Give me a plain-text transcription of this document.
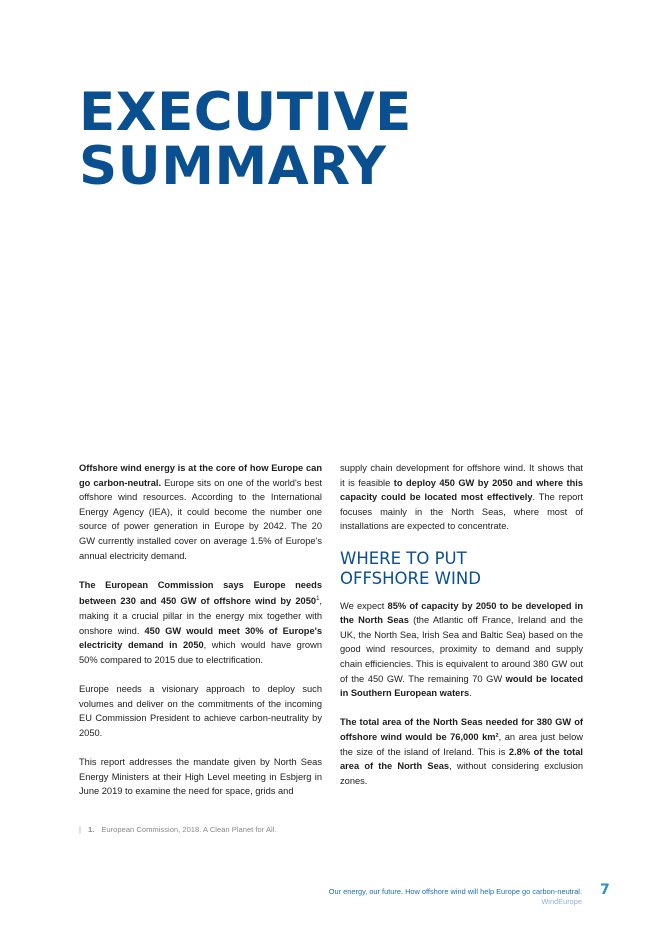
EXECUTIVE
SUMMARY

Offshore wind energy is at the core of how Europe can go carbon-neutral. Europe sits on one of the world's best offshore wind resources. According to the International Energy Agency (IEA), it could become the number one source of power generation in Europe by 2042. The 20 GW currently installed cover on average 1.5% of Europe's annual electricity demand.

The European Commission says Europe needs between 230 and 450 GW of offshore wind by 2050$^1$, making it a crucial pillar in the energy mix together with onshore wind. 450 GW would meet 30% of Europe's electricity demand in 2050, which would have grown 50% compared to 2015 due to electrification.

Europe needs a visionary approach to deploy such volumes and deliver on the commitments of the incoming EU Commission President to achieve carbon-neutrality by 2050.

This report addresses the mandate given by North Seas Energy Ministers at their High Level meeting in Esbjerg in June 2019 to examine the need for space, grids and

supply chain development for offshore wind. It shows that it is feasible to deploy 450 GW by 2050 and where this capacity could be located most effectively. The report focuses mainly in the North Seas, where most of installations are expected to concentrate.

WHERE TO PUT
OFFSHORE WIND

We expect 85% of capacity by 2050 to be developed in the North Seas (the Atlantic off France, Ireland and the UK, the North Sea, Irish Sea and Baltic Sea) based on the good wind resources, proximity to demand and supply chain efficiencies. This is equivalent to around 380 GW out of the 450 GW. The remaining 70 GW would be located in Southern European waters.

The total area of the North Seas needed for 380 GW of offshore wind would be 76,000 km², an area just below the size of the island of Ireland. This is 2.8% of the total area of the North Seas, without considering exclusion zones.

| 1. European Commission, 2018. A Clean Planet for All.
Our energy, our future. How offshore wind will help Europe go carbon-neutral.
WindEurope
7
